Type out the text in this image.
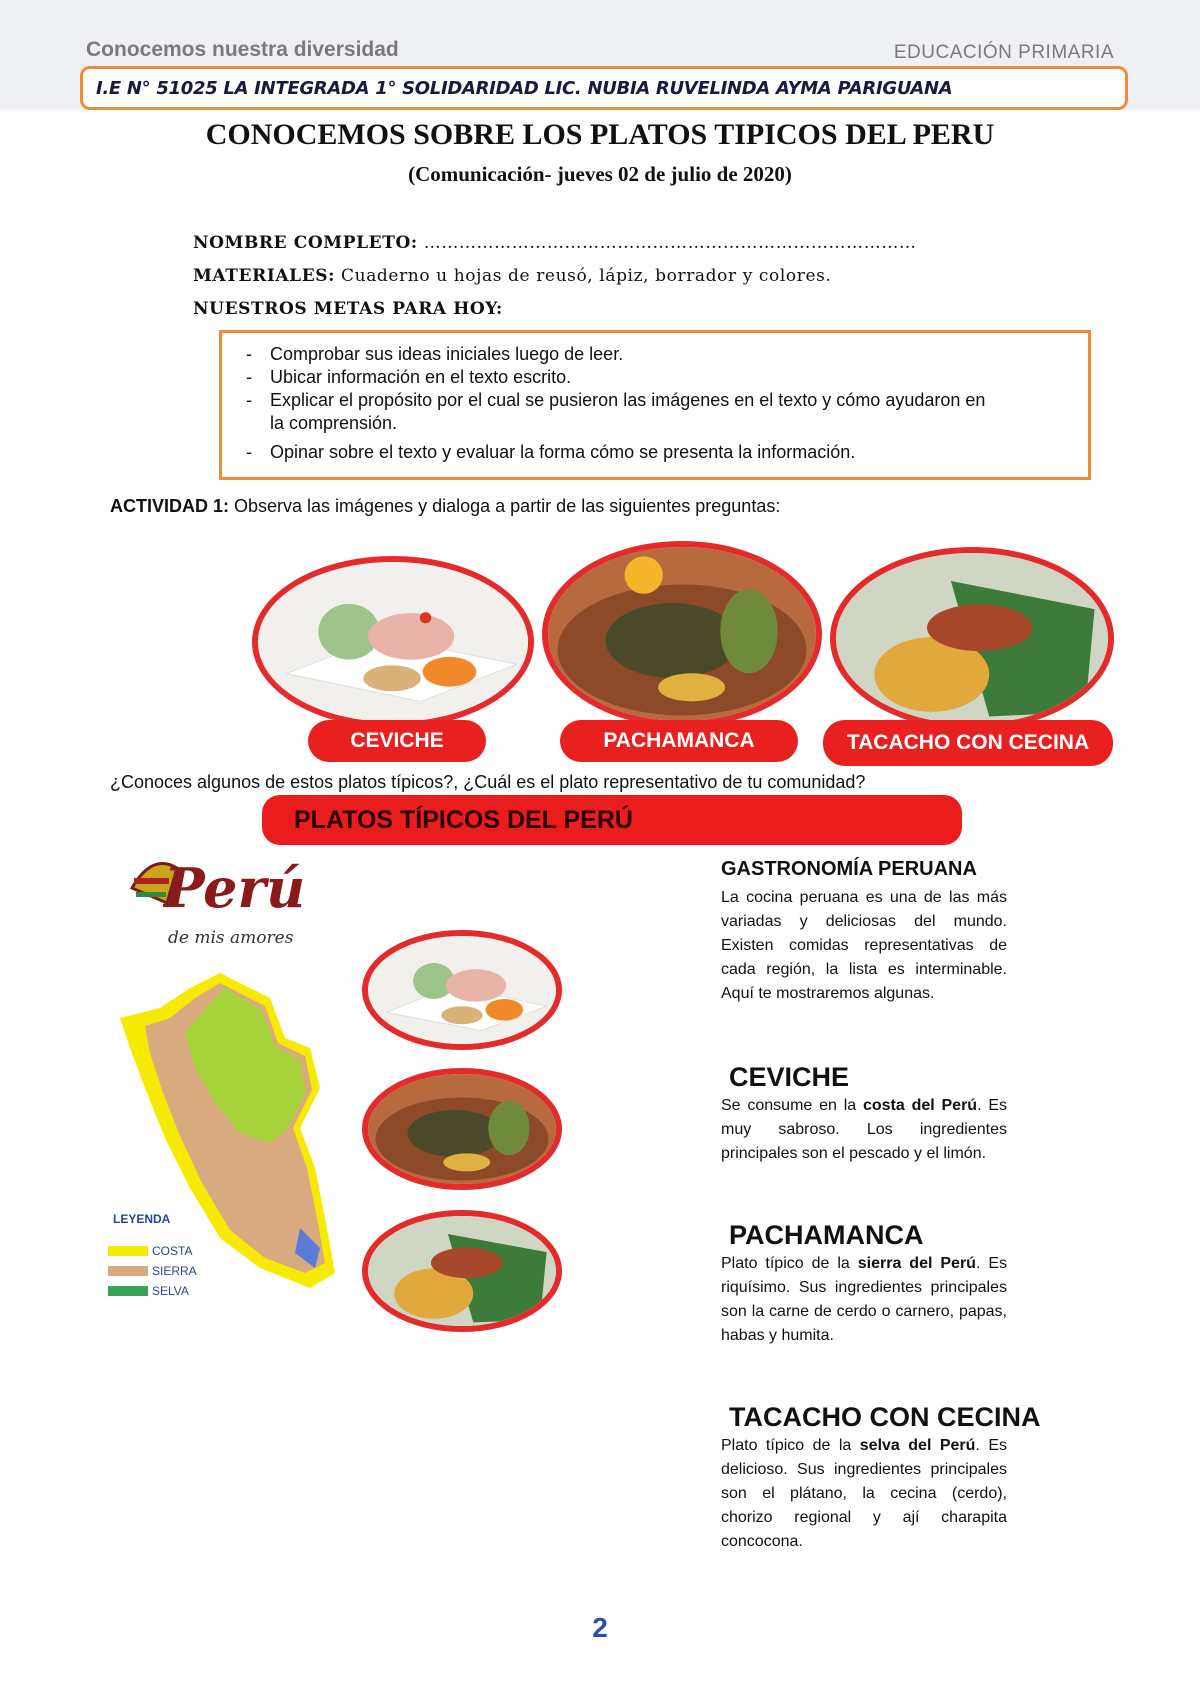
Conocemos nuestra diversidad	EDUCACIÓN PRIMARIA
I.E N° 51025 LA INTEGRADA 1° SOLIDARIDAD LIC. NUBIA RUVELINDA AYMA PARIGUANA
CONOCEMOS SOBRE LOS PLATOS TIPICOS DEL PERU
(Comunicación- jueves 02 de julio de 2020)
NOMBRE COMPLETO: …………………………………………………………………………
MATERIALES: Cuaderno u hojas de reusó, lápiz, borrador y colores.
NUESTROS METAS PARA HOY:
- Comprobar sus ideas iniciales luego de leer.
- Ubicar información en el texto escrito.
- Explicar el propósito por el cual se pusieron las imágenes en el texto y cómo ayudaron en la comprensión.
- Opinar sobre el texto y evaluar la forma cómo se presenta la información.
ACTIVIDAD 1: Observa las imágenes y dialoga a partir de las siguientes preguntas:
CEVICHE	PACHAMANCA	TACACHO CON CECINA
¿Conoces algunos de estos platos típicos?, ¿Cuál es el plato representativo de tu comunidad?
PLATOS TÍPICOS DEL PERÚ
Perú
de mis amores
LEYENDA
COSTA
SIERRA
SELVA
GASTRONOMÍA PERUANA
La cocina peruana es una de las más variadas y deliciosas del mundo. Existen comidas representativas de cada región, la lista es interminable. Aquí te mostraremos algunas.
CEVICHE
Se consume en la costa del Perú. Es muy sabroso. Los ingredientes principales son el pescado y el limón.
PACHAMANCA
Plato típico de la sierra del Perú. Es riquísimo. Sus ingredientes principales son la carne de cerdo o carnero, papas, habas y humita.
TACACHO CON CECINA
Plato típico de la selva del Perú. Es delicioso. Sus ingredientes principales son el plátano, la cecina (cerdo), chorizo regional y ají charapita concocona.
2
